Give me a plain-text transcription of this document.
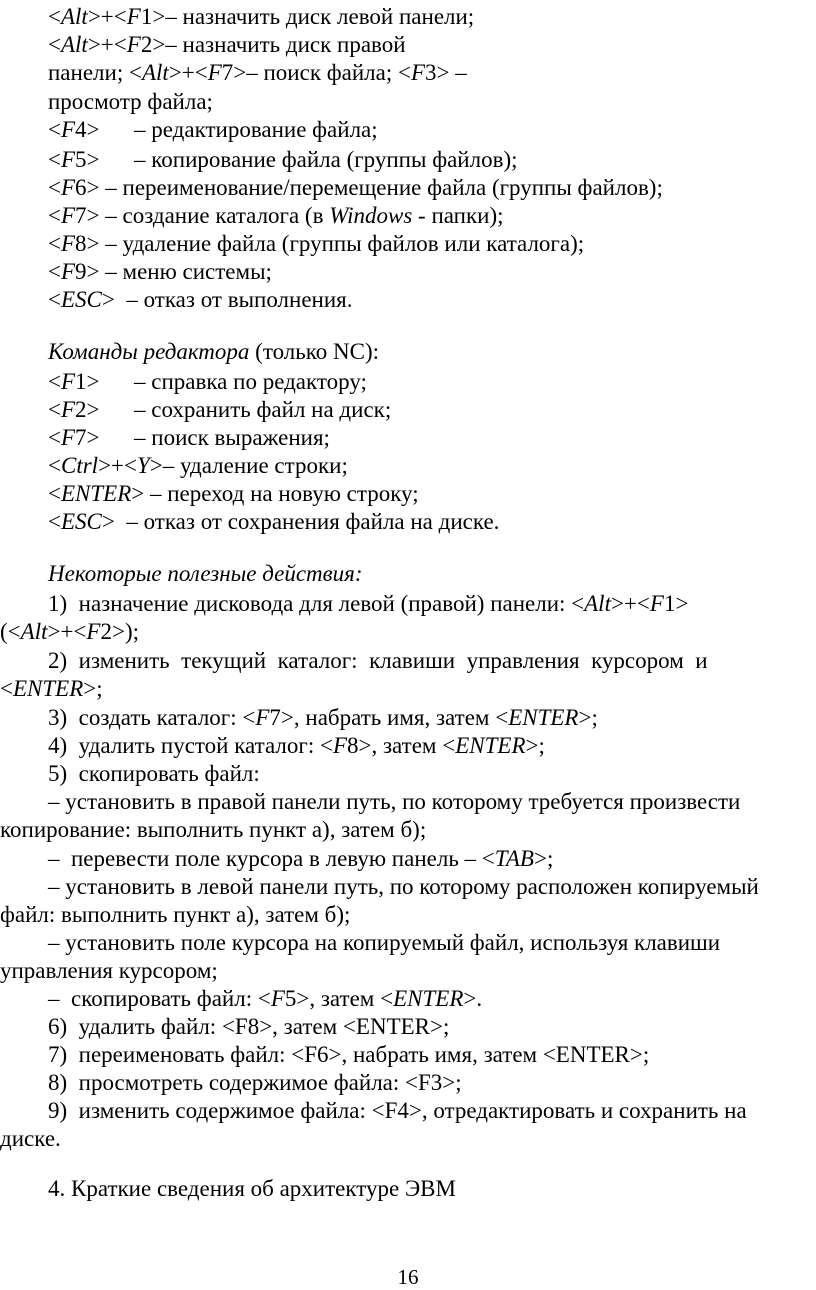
<Alt>+<F1>– назначить диск левой панели;
<Alt>+<F2>– назначить диск правой
панели; <Alt>+<F7>– поиск файла; <F3> –
просмотр файла;
<F4>      – редактирование файла;
<F5>      – копирование файла (группы файлов);
<F6> – переименование/перемещение файла (группы файлов);
<F7> – создание каталога (в Windows - папки);
<F8> – удаление файла (группы файлов или каталога);
<F9> – меню системы;
<ESC>  – отказ от выполнения.
Команды редактора (только NC):
<F1>      – справка по редактору;
<F2>      – сохранить файл на диск;
<F7>      – поиск выражения;
<Ctrl>+<Y>– удаление строки;
<ENTER> – переход на новую строку;
<ESC>  – отказ от сохранения файла на диске.
Некоторые полезные действия:
1)  назначение дисковода для левой (правой) панели: <Alt>+<F1>
(<Alt>+<F2>);
2)  изменить  текущий  каталог:  клавиши  управления  курсором  и
<ENTER>;
3)  создать каталог: <F7>, набрать имя, затем <ENTER>;
4)  удалить пустой каталог: <F8>, затем <ENTER>;
5)  скопировать файл:
– установить в правой панели путь, по которому требуется произвести
копирование: выполнить пункт а), затем б);
–  перевести поле курсора в левую панель – <TAB>;
– установить в левой панели путь, по которому расположен копируемый
файл: выполнить пункт а), затем б);
– установить поле курсора на копируемый файл, используя клавиши
управления курсором;
–  скопировать файл: <F5>, затем <ENTER>.
6)  удалить файл: <F8>, затем <ENTER>;
7)  переименовать файл: <F6>, набрать имя, затем <ENTER>;
8)  просмотреть содержимое файла: <F3>;
9)  изменить содержимое файла: <F4>, отредактировать и сохранить на
диске.
4. Краткие сведения об архитектуре ЭВМ
16
